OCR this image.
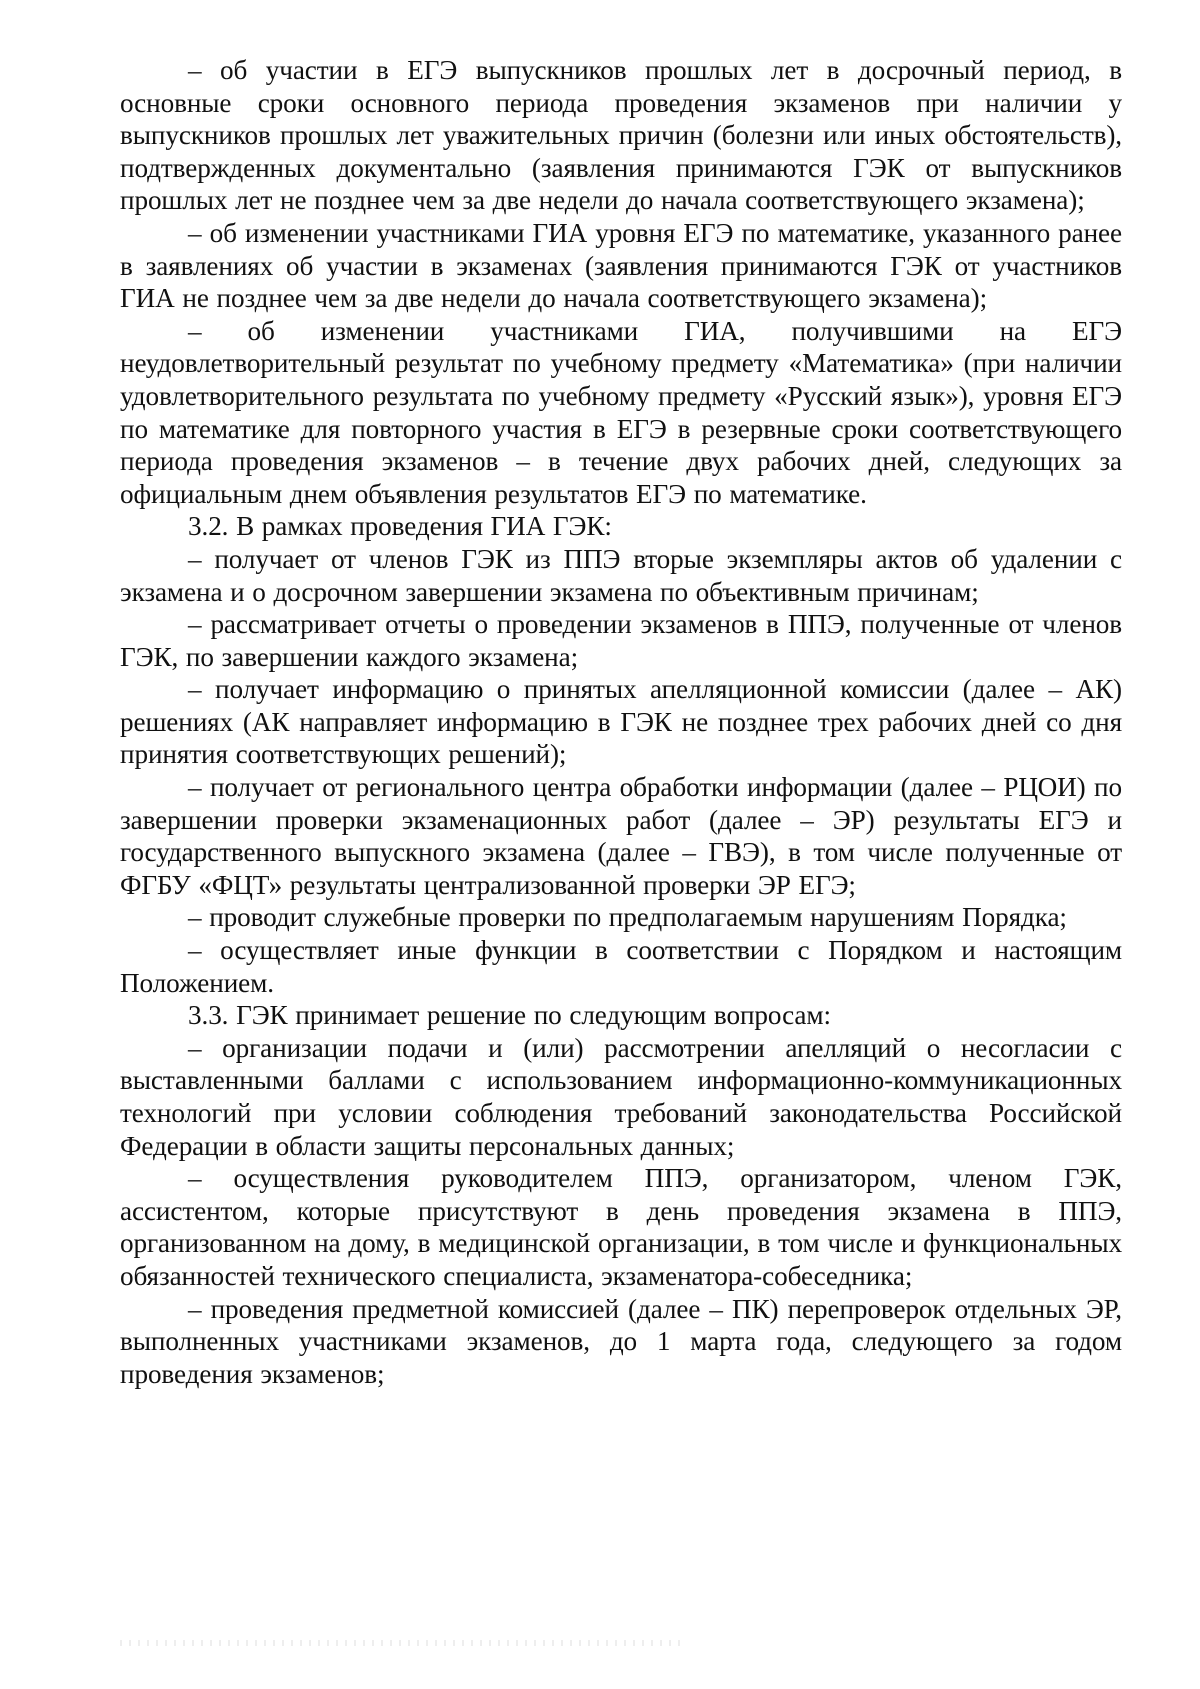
– об участии в ЕГЭ выпускников прошлых лет в досрочный период, в основные сроки основного периода проведения экзаменов при наличии у выпускников прошлых лет уважительных причин (болезни или иных обстоятельств), подтвержденных документально (заявления принимаются ГЭК от выпускников прошлых лет не позднее чем за две недели до начала соответствующего экзамена);

– об изменении участниками ГИА уровня ЕГЭ по математике, указанного ранее в заявлениях об участии в экзаменах (заявления принимаются ГЭК от участников ГИА не позднее чем за две недели до начала соответствующего экзамена);

– об изменении участниками ГИА, получившими на ЕГЭ неудовлетворительный результат по учебному предмету «Математика» (при наличии удовлетворительного результата по учебному предмету «Русский язык»), уровня ЕГЭ по математике для повторного участия в ЕГЭ в резервные сроки соответствующего периода проведения экзаменов – в течение двух рабочих дней, следующих за официальным днем объявления результатов ЕГЭ по математике.

3.2. В рамках проведения ГИА ГЭК:

– получает от членов ГЭК из ППЭ вторые экземпляры актов об удалении с экзамена и о досрочном завершении экзамена по объективным причинам;

– рассматривает отчеты о проведении экзаменов в ППЭ, полученные от членов ГЭК, по завершении каждого экзамена;

– получает информацию о принятых апелляционной комиссии (далее – АК) решениях (АК направляет информацию в ГЭК не позднее трех рабочих дней со дня принятия соответствующих решений);

– получает от регионального центра обработки информации (далее – РЦОИ) по завершении проверки экзаменационных работ (далее – ЭР) результаты ЕГЭ и государственного выпускного экзамена (далее – ГВЭ), в том числе полученные от ФГБУ «ФЦТ» результаты централизованной проверки ЭР ЕГЭ;

– проводит служебные проверки по предполагаемым нарушениям Порядка;

– осуществляет иные функции в соответствии с Порядком и настоящим Положением.

3.3. ГЭК принимает решение по следующим вопросам:

– организации подачи и (или) рассмотрении апелляций о несогласии с выставленными баллами с использованием информационно-коммуникационных технологий при условии соблюдения требований законодательства Российской Федерации в области защиты персональных данных;

– осуществления руководителем ППЭ, организатором, членом ГЭК, ассистентом, которые присутствуют в день проведения экзамена в ППЭ, организованном на дому, в медицинской организации, в том числе и функциональных обязанностей технического специалиста, экзаменатора-собеседника;

– проведения предметной комиссией (далее – ПК) перепроверок отдельных ЭР, выполненных участниками экзаменов, до 1 марта года, следующего за годом проведения экзаменов;
